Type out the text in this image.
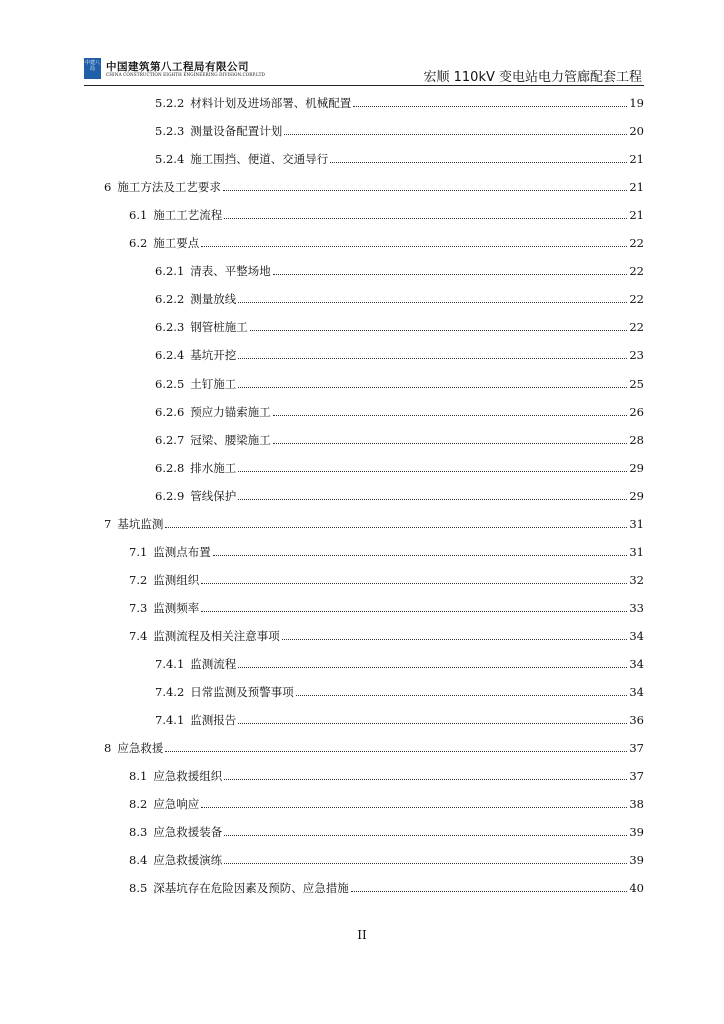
中建八局	中国建筑第八工程局有限公司
CHINA CONSTRUCTION EIGHTH ENGINEERING DIVISION.CORP.LTD	宏顺 110kV 变电站电力管廊配套工程
5.2.2 材料计划及进场部署、机械配置	19
5.2.3 测量设备配置计划	20
5.2.4 施工围挡、便道、交通导行	21
6 施工方法及工艺要求	21
6.1 施工工艺流程	21
6.2 施工要点	22
6.2.1 清表、平整场地	22
6.2.2 测量放线	22
6.2.3 钢管桩施工	22
6.2.4 基坑开挖	23
6.2.5 土钉施工	25
6.2.6 预应力锚索施工	26
6.2.7 冠梁、腰梁施工	28
6.2.8 排水施工	29
6.2.9 管线保护	29
7 基坑监测	31
7.1 监测点布置	31
7.2 监测组织	32
7.3 监测频率	33
7.4 监测流程及相关注意事项	34
7.4.1 监测流程	34
7.4.2 日常监测及预警事项	34
7.4.1 监测报告	36
8 应急救援	37
8.1 应急救援组织	37
8.2 应急响应	38
8.3 应急救援装备	39
8.4 应急救援演练	39
8.5 深基坑存在危险因素及预防、应急措施	40
II
